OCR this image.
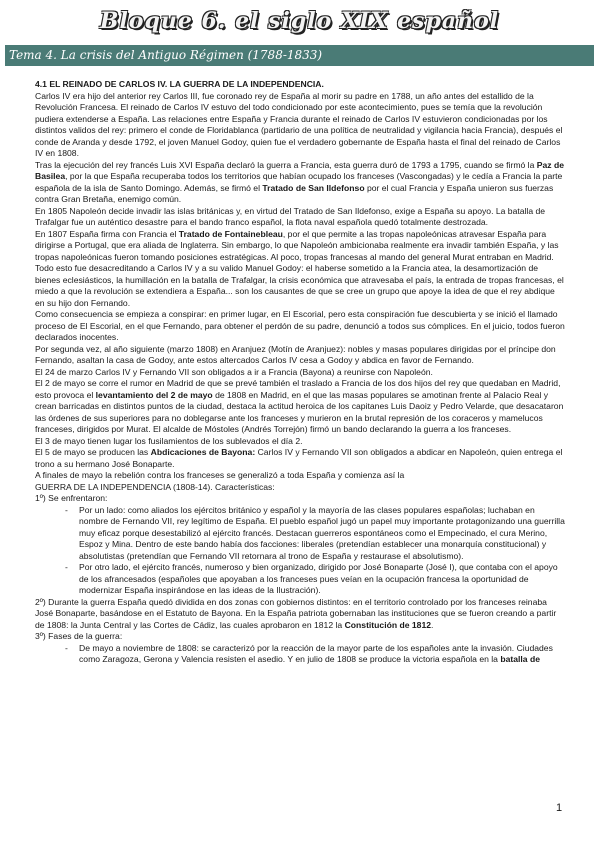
Bloque 6. el siglo XIX español
Tema 4. La crisis del Antiguo Régimen (1788-1833)

4.1 EL REINADO DE CARLOS IV. LA GUERRA DE LA INDEPENDENCIA.

Carlos IV era hijo del anterior rey Carlos III, fue coronado rey de España al morir su padre en 1788, un año antes del estallido de la Revolución Francesa. El reinado de Carlos IV estuvo del todo condicionado por este acontecimiento, pues se temía que la revolución pudiera extenderse a España. Las relaciones entre España y Francia durante el reinado de Carlos IV estuvieron condicionadas por los distintos validos del rey: primero el conde de Floridablanca (partidario de una política de neutralidad y vigilancia hacia Francia), después el conde de Aranda y desde 1792, el joven Manuel Godoy, quien fue el verdadero gobernante de España hasta el final del reinado de Carlos IV en 1808.

Tras la ejecución del rey francés Luis XVI España declaró la guerra a Francia, esta guerra duró de 1793 a 1795, cuando se firmó la Paz de Basilea, por la que España recuperaba todos los territorios que habían ocupado los franceses (Vascongadas) y le cedía a Francia la parte española de la isla de Santo Domingo. Además, se firmó el Tratado de San Ildefonso por el cual Francia y España unieron sus fuerzas contra Gran Bretaña, enemigo común.

En 1805 Napoleón decide invadir las islas británicas y, en virtud del Tratado de San Ildefonso, exige a España su apoyo. La batalla de Trafalgar fue un auténtico desastre para el bando franco español, la flota naval española quedó totalmente destrozada.

En 1807 España firma con Francia el Tratado de Fontainebleau, por el que permite a las tropas napoleónicas atravesar España para dirigirse a Portugal, que era aliada de Inglaterra. Sin embargo, lo que Napoleón ambicionaba realmente era invadir también España, y las tropas napoleónicas fueron tomando posiciones estratégicas. Al poco, tropas francesas al mando del general Murat entraban en Madrid.

Todo esto fue desacreditando a Carlos IV y a su valido Manuel Godoy: el haberse sometido a la Francia atea, la desamortización de bienes eclesiásticos, la humillación en la batalla de Trafalgar, la crisis económica que atravesaba el país, la entrada de tropas francesas, el miedo a que la revolución se extendiera a España... son los causantes de que se cree un grupo que apoye la idea de que el rey abdique en su hijo don Fernando.

Como consecuencia se empieza a conspirar: en primer lugar, en El Escorial, pero esta conspiración fue descubierta y se inició el llamado proceso de El Escorial, en el que Fernando, para obtener el perdón de su padre, denunció a todos sus cómplices. En el juicio, todos fueron declarados inocentes.

Por segunda vez, al año siguiente (marzo 1808) en Aranjuez (Motín de Aranjuez): nobles y masas populares dirigidas por el príncipe don Fernando, asaltan la casa de Godoy, ante estos altercados Carlos IV cesa a Godoy y abdica en favor de Fernando.

El 24 de marzo Carlos IV y Fernando VII son obligados a ir a Francia (Bayona) a reunirse con Napoleón.

El 2 de mayo se corre el rumor en Madrid de que se prevé también el traslado a Francia de los dos hijos del rey que quedaban en Madrid, esto provoca el levantamiento del 2 de mayo de 1808 en Madrid, en el que las masas populares se amotinan frente al Palacio Real y crean barricadas en distintos puntos de la ciudad, destaca la actitud heroica de los capitanes Luis Daoiz y Pedro Velarde, que desacataron las órdenes de sus superiores para no doblegarse ante los franceses y murieron en la brutal represión de los coraceros y mamelucos franceses, dirigidos por Murat. El alcalde de Móstoles (Andrés Torrejón) firmó un bando declarando la guerra a los franceses.

El 3 de mayo tienen lugar los fusilamientos de los sublevados el día 2.

El 5 de mayo se producen las Abdicaciones de Bayona: Carlos IV y Fernando VII son obligados a abdicar en Napoleón, quien entrega el trono a su hermano José Bonaparte.

A finales de mayo la rebelión contra los franceses se generalizó a toda España y comienza así la

GUERRA DE LA INDEPENDENCIA (1808-14). Características:

1º) Se enfrentaron:

- Por un lado: como aliados los ejércitos británico y español y la mayoría de las clases populares españolas; luchaban en nombre de Fernando VII, rey legítimo de España. El pueblo español jugó un papel muy importante protagonizando una guerrilla muy eficaz porque desestabilizó al ejército francés. Destacan guerreros espontáneos como el Empecinado, el cura Merino, Espoz y Mina. Dentro de este bando había dos facciones: liberales (pretendían establecer una monarquía constitucional) y absolutistas (pretendían que Fernando VII retornara al trono de España y restaurase el absolutismo).
- Por otro lado, el ejército francés, numeroso y bien organizado, dirigido por José Bonaparte (José I), que contaba con el apoyo de los afrancesados (españoles que apoyaban a los franceses pues veían en la ocupación francesa la oportunidad de modernizar España inspirándose en las ideas de la Ilustración).

2º) Durante la guerra España quedó dividida en dos zonas con gobiernos distintos: en el territorio controlado por los franceses reinaba José Bonaparte, basándose en el Estatuto de Bayona. En la España patriota gobernaban las instituciones que se fueron creando a partir de 1808: la Junta Central y las Cortes de Cádiz, las cuales aprobaron en 1812 la Constitución de 1812.

3º) Fases de la guerra:

- De mayo a noviembre de 1808: se caracterizó por la reacción de la mayor parte de los españoles ante la invasión. Ciudades como Zaragoza, Gerona y Valencia resisten el asedio. Y en julio de 1808 se produce la victoria española en la batalla de
1
